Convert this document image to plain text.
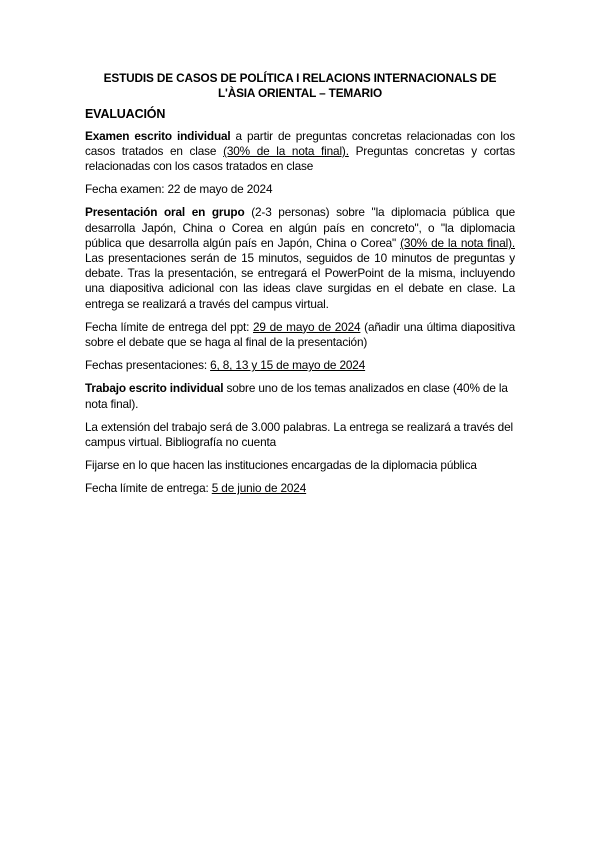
ESTUDIS DE CASOS DE POLÍTICA I RELACIONS INTERNACIONALS DE
L'ÀSIA ORIENTAL – TEMARIO
EVALUACIÓN

Examen escrito individual a partir de preguntas concretas relacionadas con los casos tratados en clase (30% de la nota final). Preguntas concretas y cortas relacionadas con los casos tratados en clase

Fecha examen: 22 de mayo de 2024

Presentación oral en grupo (2-3 personas) sobre "la diplomacia pública que desarrolla Japón, China o Corea en algún país en concreto", o "la diplomacia pública que desarrolla algún país en Japón, China o Corea" (30% de la nota final). Las presentaciones serán de 15 minutos, seguidos de 10 minutos de preguntas y debate. Tras la presentación, se entregará el PowerPoint de la misma, incluyendo una diapositiva adicional con las ideas clave surgidas en el debate en clase. La entrega se realizará a través del campus virtual.

Fecha límite de entrega del ppt: 29 de mayo de 2024 (añadir una última diapositiva sobre el debate que se haga al final de la presentación)

Fechas presentaciones: 6, 8, 13 y 15 de mayo de 2024

Trabajo escrito individual sobre uno de los temas analizados en clase (40% de la nota final).

La extensión del trabajo será de 3.000 palabras. La entrega se realizará a través del campus virtual. Bibliografía no cuenta

Fijarse en lo que hacen las instituciones encargadas de la diplomacia pública

Fecha límite de entrega: 5 de junio de 2024
